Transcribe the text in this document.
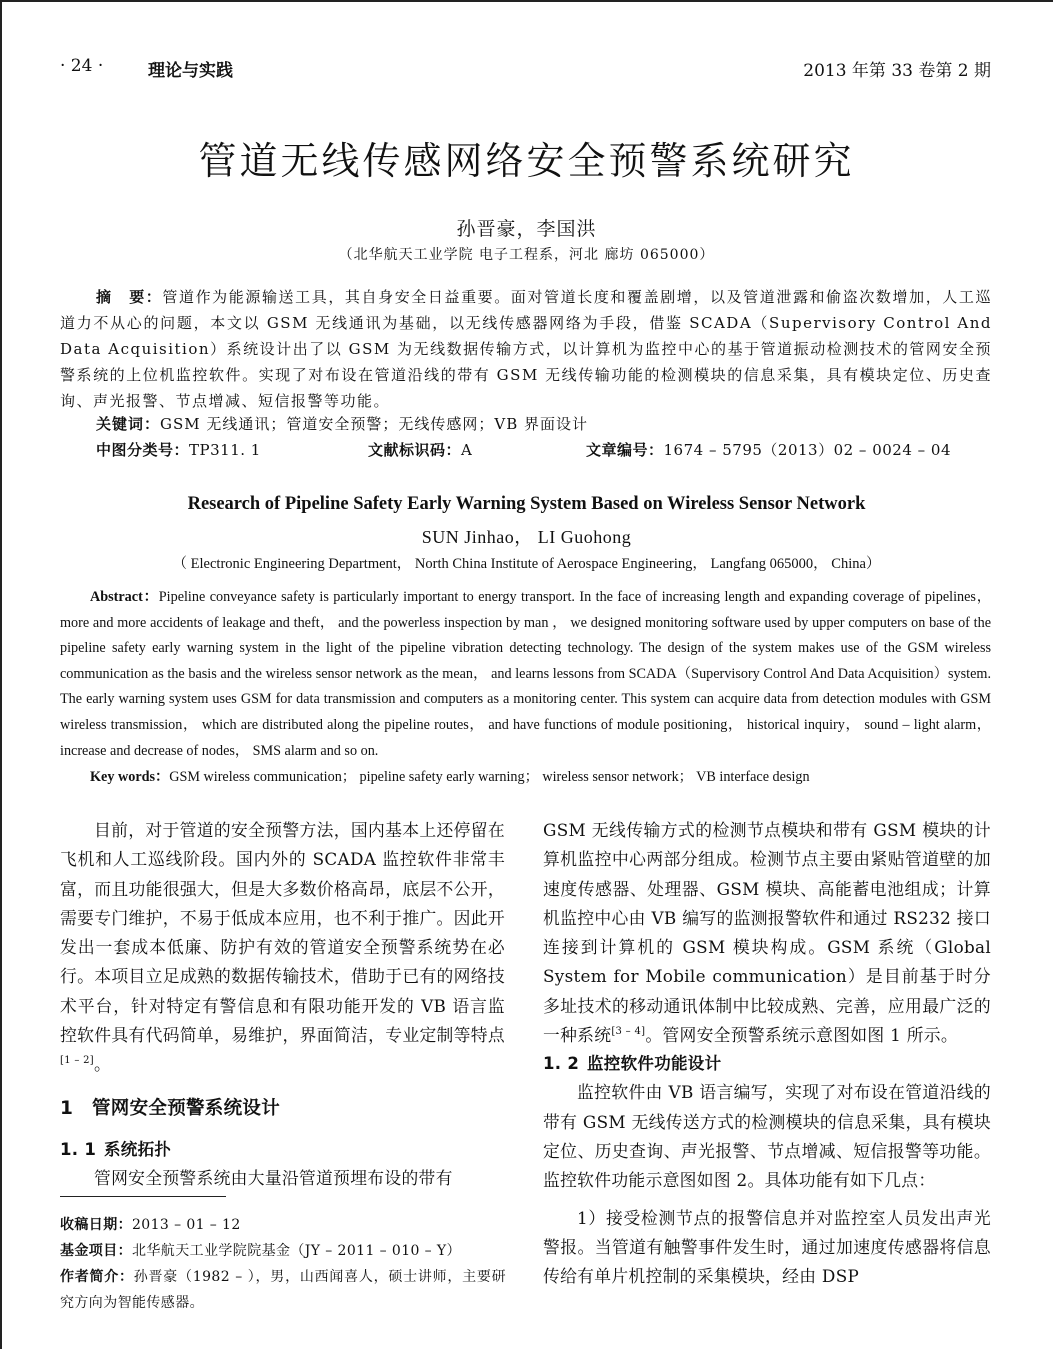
· 24 ·	理论与实践	2013 年第 33 卷第 2 期
管道无线传感网络安全预警系统研究
孙晋豪，李国洪
（北华航天工业学院 电子工程系，河北 廊坊 065000）
摘　要：管道作为能源输送工具，其自身安全日益重要。面对管道长度和覆盖剧增，以及管道泄露和偷盗次数增加，人工巡道力不从心的问题，本文以 GSM 无线通讯为基础，以无线传感器网络为手段，借鉴 SCADA（Supervisory Control And Data Acquisition）系统设计出了以 GSM 为无线数据传输方式，以计算机为监控中心的基于管道振动检测技术的管网安全预警系统的上位机监控软件。实现了对布设在管道沿线的带有 GSM 无线传输功能的检测模块的信息采集，具有模块定位、历史查询、声光报警、节点增减、短信报警等功能。
关键词：GSM 无线通讯；管道安全预警；无线传感网；VB 界面设计
中图分类号：TP311. 1	文献标识码：A	文章编号：1674 – 5795（2013）02 – 0024 – 04
Research of Pipeline Safety Early Warning System Based on Wireless Sensor Network
SUN Jinhao， LI Guohong
（ Electronic Engineering Department， North China Institute of Aerospace Engineering， Langfang 065000， China）
Abstract：Pipeline conveyance safety is particularly important to energy transport. In the face of increasing length and expanding coverage of pipelines， more and more accidents of leakage and theft， and the powerless inspection by man ， we designed monitoring software used by upper computers on base of the pipeline safety early warning system in the light of the pipeline vibration detecting technology. The design of the system makes use of the GSM wireless communication as the basis and the wireless sensor network as the mean， and learns lessons from SCADA（Supervisory Control And Data Acquisition）system. The early warning system uses GSM for data transmission and computers as a monitoring center. This system can acquire data from detection modules with GSM wireless transmission， which are distributed along the pipeline routes， and have functions of module positioning， historical inquiry， sound – light alarm， increase and decrease of nodes， SMS alarm and so on.
Key words：GSM wireless communication； pipeline safety early warning； wireless sensor network； VB interface design

目前，对于管道的安全预警方法，国内基本上还停留在飞机和人工巡线阶段。国内外的 SCADA 监控软件非常丰富，而且功能很强大，但是大多数价格高昂，底层不公开，需要专门维护，不易于低成本应用，也不利于推广。因此开发出一套成本低廉、防护有效的管道安全预警系统势在必行。本项目立足成熟的数据传输技术，借助于已有的网络技术平台，针对特定有警信息和有限功能开发的 VB 语言监控软件具有代码简单，易维护，界面简洁，专业定制等特点[1 – 2]。

1 管网安全预警系统设计

1. 1 系统拓扑

管网安全预警系统由大量沿管道预埋布设的带有

GSM 无线传输方式的检测节点模块和带有 GSM 模块的计算机监控中心两部分组成。检测节点主要由紧贴管道壁的加速度传感器、处理器、GSM 模块、高能蓄电池组成；计算机监控中心由 VB 编写的监测报警软件和通过 RS232 接口连接到计算机的 GSM 模块构成。GSM 系统（Global System for Mobile communication）是目前基于时分多址技术的移动通讯体制中比较成熟、完善，应用最广泛的一种系统[3 – 4]。管网安全预警系统示意图如图 1 所示。

1. 2 监控软件功能设计

监控软件由 VB 语言编写，实现了对布设在管道沿线的带有 GSM 无线传送方式的检测模块的信息采集，具有模块定位、历史查询、声光报警、节点增减、短信报警等功能。监控软件功能示意图如图 2。具体功能有如下几点：

1）接受检测节点的报警信息并对监控室人员发出声光警报。当管道有触警事件发生时，通过加速度传感器将信息传给有单片机控制的采集模块，经由 DSP

收稿日期：2013 – 01 – 12
基金项目：北华航天工业学院院基金（JY – 2011 – 010 – Y）
作者简介：孙晋豪（1982 – ），男，山西闻喜人，硕士讲师，主要研究方向为智能传感器。
